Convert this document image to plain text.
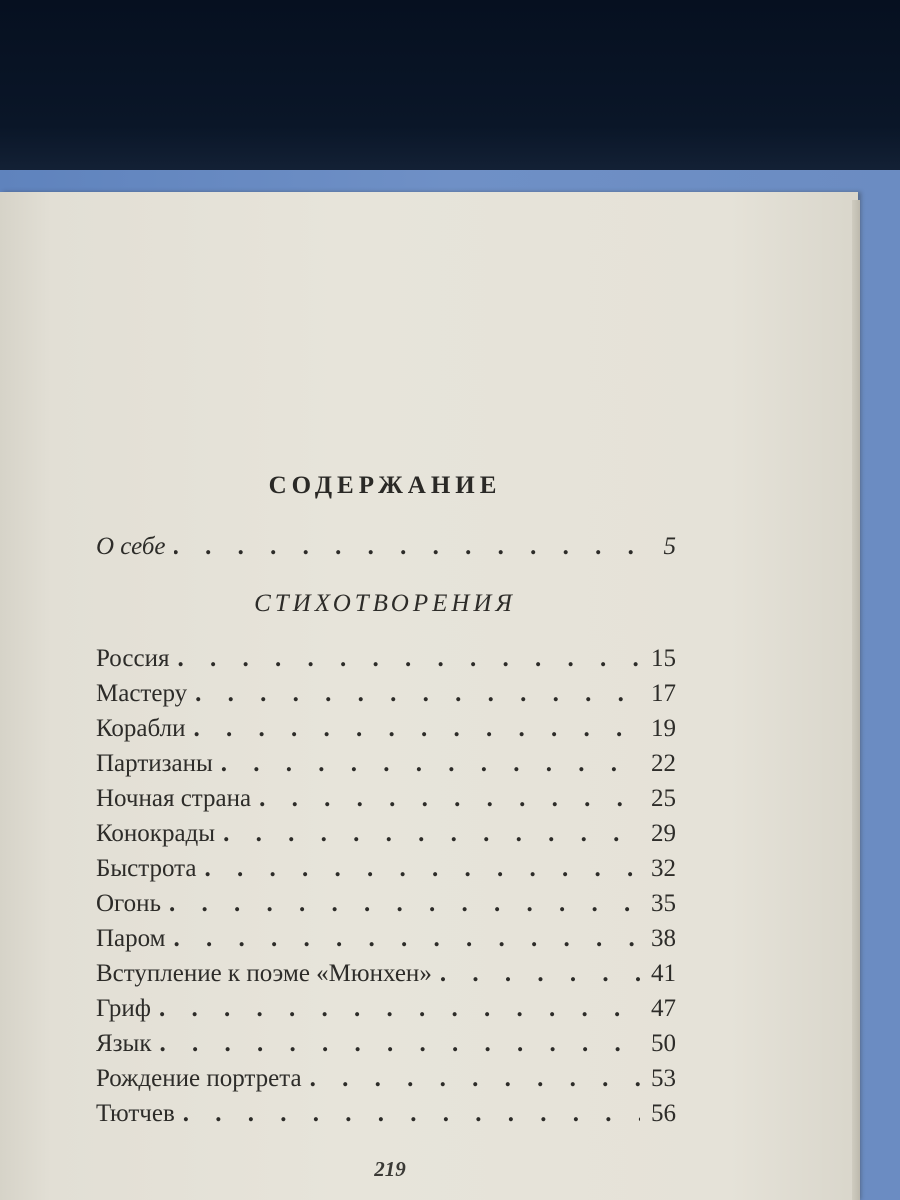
СОДЕРЖАНИЕ
О себе . . .	5
СТИХОТВОРЕНИЯ
Россия . . .	15
Мастеру . . .	17
Корабли . . .	19
Партизаны . . .	22
Ночная страна . . .	25
Конокрады . . .	29
Быстрота . . .	32
Огонь . . .	35
Паром . . .	38
Вступление к поэме «Мюнхен» . . .	41
Гриф . . .	47
Язык . . .	50
Рождение портрета . . .	53
Тютчев . . .	56
219
